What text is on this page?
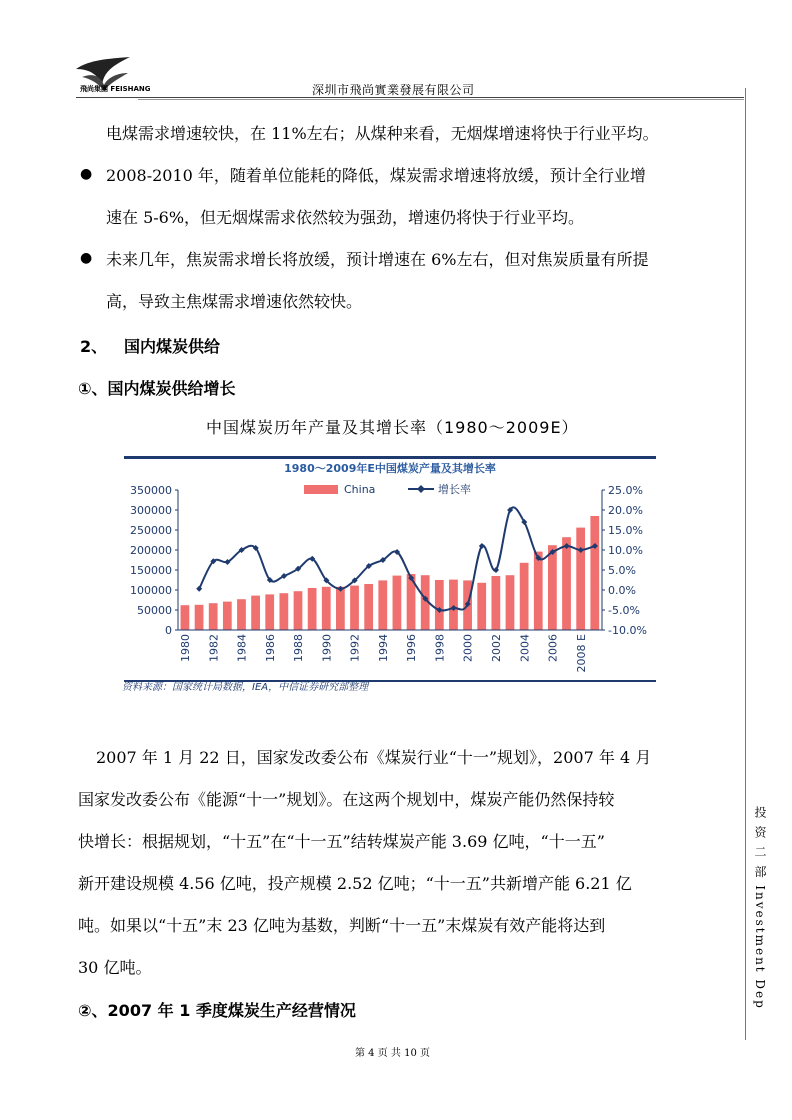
飛尚集團 FEISHANG	深圳市飛尚實業發展有限公司
电煤需求增速较快，在 11%左右；从煤种来看，无烟煤增速将快于行业平均。
● 2008-2010 年，随着单位能耗的降低，煤炭需求增速将放缓，预计全行业增
速在 5-6%，但无烟煤需求依然较为强劲，增速仍将快于行业平均。
● 未来几年，焦炭需求增长将放缓，预计增速在 6%左右，但对焦炭质量有所提
高，导致主焦煤需求增速依然较快。
2、 国内煤炭供给
①、国内煤炭供给增长
中国煤炭历年产量及其增长率（1980～2009E）
1980～2009年E中国煤炭产量及其增长率
China	增长率
0
50000
100000
150000
200000
250000
300000
350000
-10.0%
-5.0%
0.0%
5.0%
10.0%
15.0%
20.0%
25.0%
1980 1982 1984 1986 1988 1990 1992 1994 1996 1998 2000 2002 2004 2006 2008 E
资料来源：国家统计局数据，IEA，中信证券研究部整理
2007 年 1 月 22 日，国家发改委公布《煤炭行业“十一”规划》，2007 年 4 月
国家发改委公布《能源“十一”规划》。在这两个规划中，煤炭产能仍然保持较
快增长：根据规划，“十五”在“十一五”结转煤炭产能 3.69 亿吨，“十一五”
新开建设规模 4.56 亿吨，投产规模 2.52 亿吨；“十一五”共新增产能 6.21 亿
吨。如果以“十五”末 23 亿吨为基数，判断“十一五”末煤炭有效产能将达到
30 亿吨。
②、2007 年 1 季度煤炭生产经营情况
投 资 二 部 Investment Dep
第 4 页 共 10 页
